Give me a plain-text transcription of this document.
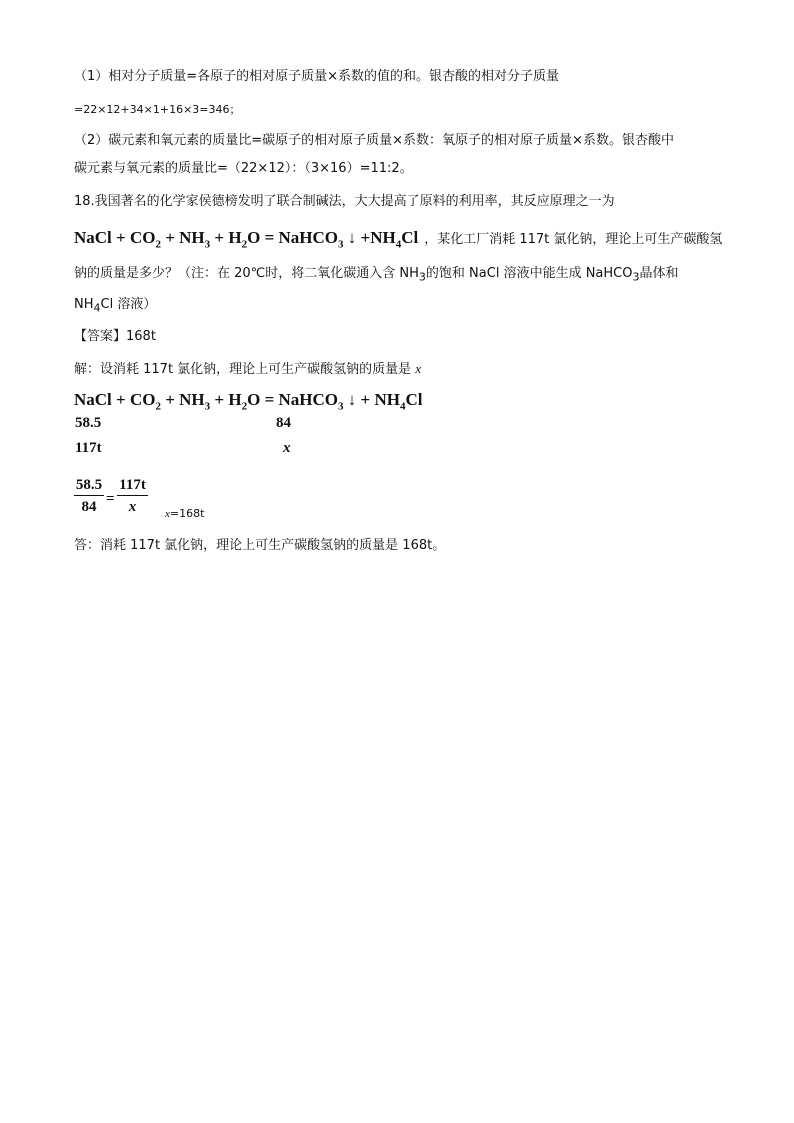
（1）相对分子质量=各原子的相对原子质量×系数的值的和。银杏酸的相对分子质量
=22×12+34×1+16×3=346；
（2）碳元素和氧元素的质量比=碳原子的相对原子质量×系数：氧原子的相对原子质量×系数。银杏酸中
碳元素与氧元素的质量比=（22×12）：（3×16）=11:2。
18.我国著名的化学家侯德榜发明了联合制碱法，大大提高了原料的利用率，其反应原理之一为
NaCl + $CO_2 + NH_3 + H_2O$ = NaHCO$_3$ ↓ $+NH_4Cl$ ，某化工厂消耗 117t 氯化钠，理论上可生产碳酸氢
钠的质量是多少？（注：在 20℃时，将二氧化碳通入含 $NH_3$的饱和 NaCl 溶液中能生成 NaHCO$_3$晶体和
$NH_4Cl$ 溶液）
【答案】168t
解：设消耗 117t 氯化钠，理论上可生产碳酸氢钠的质量是 x
NaCl + $CO_2 + NH_3 + H_2O$ = NaHCO$_3$ ↓ + $NH_4Cl$
58.5	84
117t	x
$\frac{58.5}{84} = \frac{117t}{x} x=168t$
答：消耗 117t 氯化钠，理论上可生产碳酸氢钠的质量是 168t。
